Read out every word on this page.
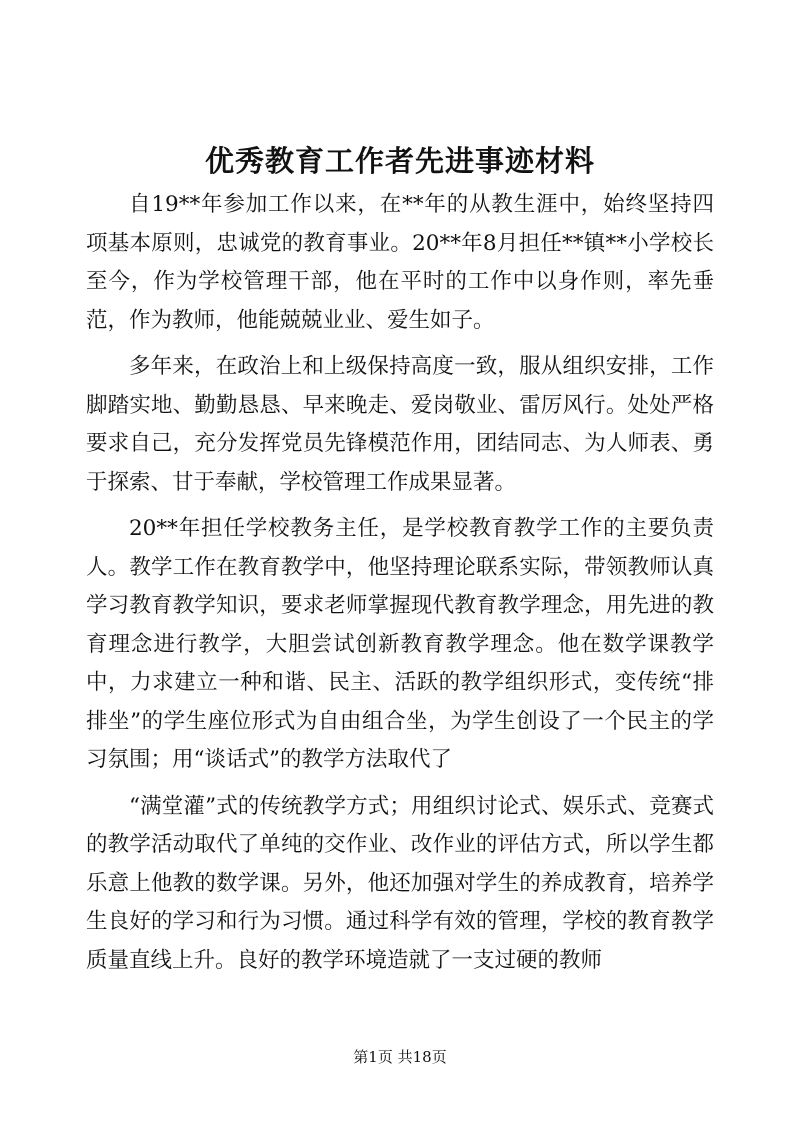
优秀教育工作者先进事迹材料

自19**年参加工作以来，在**年的从教生涯中，始终坚持四项基本原则，忠诚党的教育事业。20**年8月担任**镇**小学校长至今，作为学校管理干部，他在平时的工作中以身作则，率先垂范，作为教师，他能兢兢业业、爱生如子。

多年来，在政治上和上级保持高度一致，服从组织安排，工作脚踏实地、勤勤恳恳、早来晚走、爱岗敬业、雷厉风行。处处严格要求自己，充分发挥党员先锋模范作用，团结同志、为人师表、勇于探索、甘于奉献，学校管理工作成果显著。

20**年担任学校教务主任，是学校教育教学工作的主要负责人。教学工作在教育教学中，他坚持理论联系实际，带领教师认真学习教育教学知识，要求老师掌握现代教育教学理念，用先进的教育理念进行教学，大胆尝试创新教育教学理念。他在数学课教学中，力求建立一种和谐、民主、活跃的教学组织形式，变传统“排排坐”的学生座位形式为自由组合坐，为学生创设了一个民主的学习氛围；用“谈话式”的教学方法取代了

“满堂灌”式的传统教学方式；用组织讨论式、娱乐式、竞赛式的教学活动取代了单纯的交作业、改作业的评估方式，所以学生都乐意上他教的数学课。另外，他还加强对学生的养成教育，培养学生良好的学习和行为习惯。通过科学有效的管理，学校的教育教学质量直线上升。良好的教学环境造就了一支过硬的教师

第1页 共18页
